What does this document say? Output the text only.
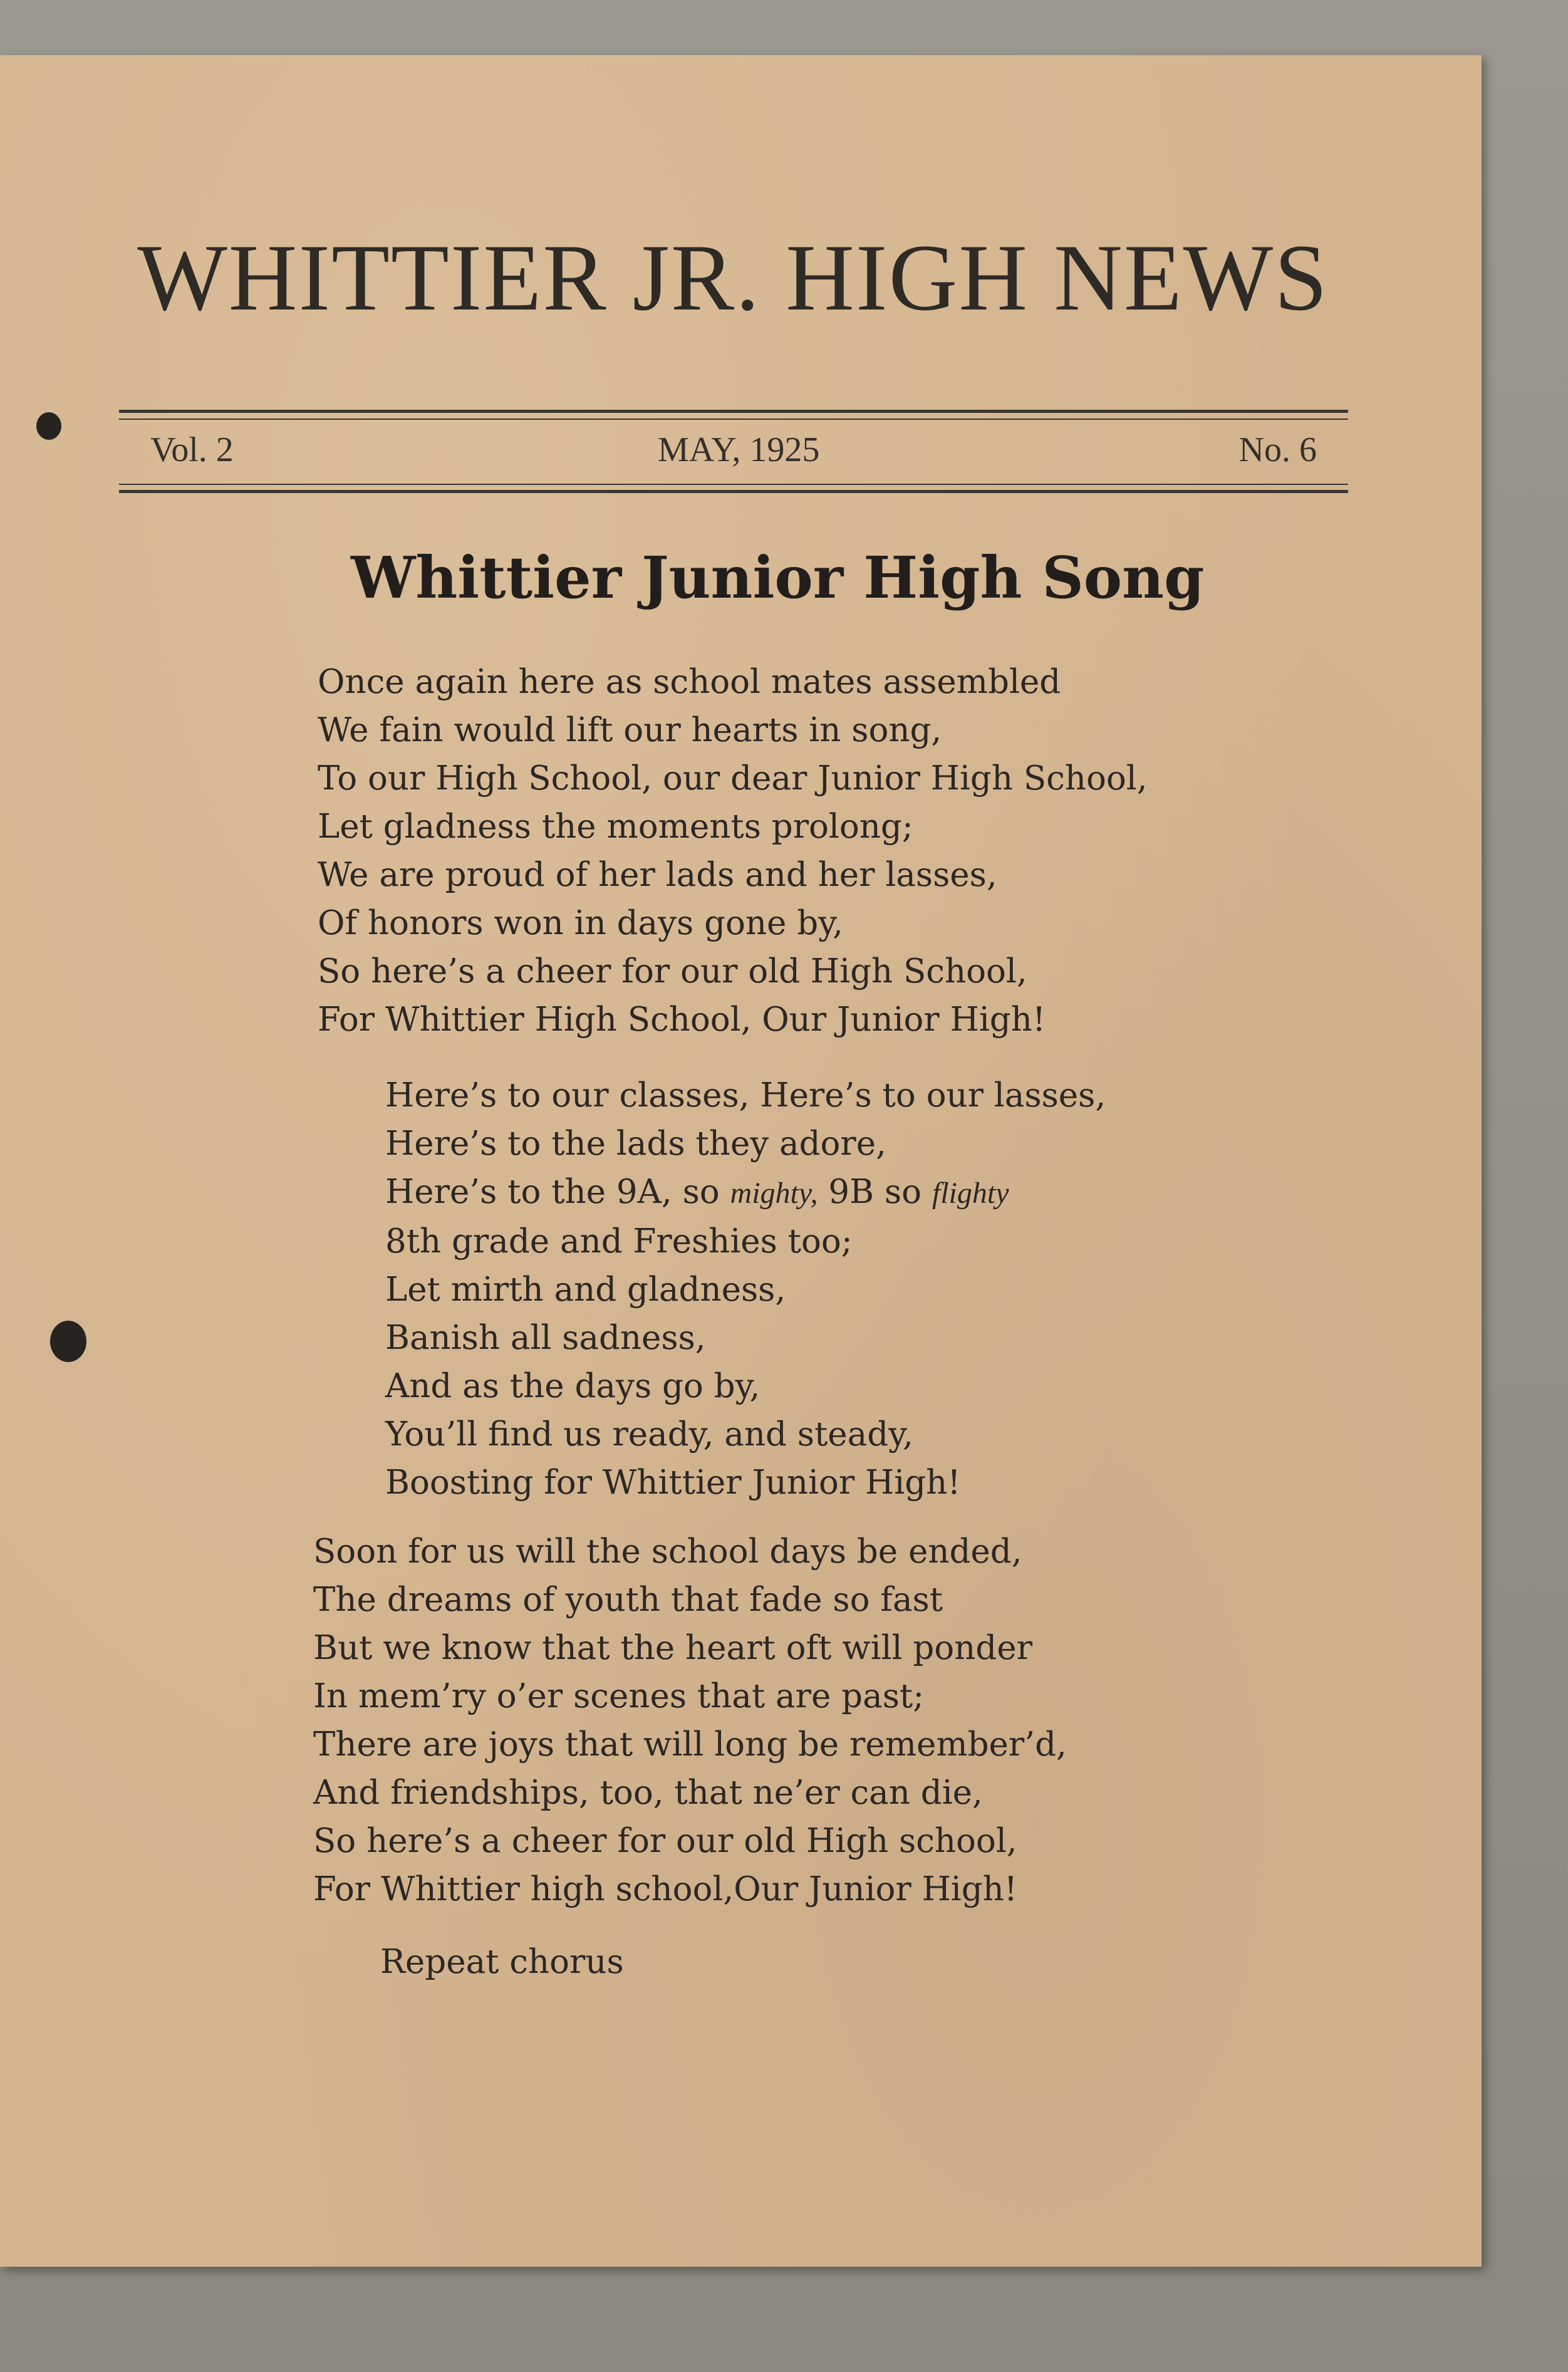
WHITTIER JR. HIGH NEWS
Vol. 2	MAY, 1925	No. 6
Whittier Junior High Song
Once again here as school mates assembled
We fain would lift our hearts in song,
To our High School, our dear Junior High School,
Let gladness the moments prolong;
We are proud of her lads and her lasses,
Of honors won in days gone by,
So here’s a cheer for our old High School,
For Whittier High School, Our Junior High!
Here’s to our classes, Here’s to our lasses,
Here’s to the lads they adore,
Here’s to the 9A, so mighty, 9B so flighty
8th grade and Freshies too;
Let mirth and gladness,
Banish all sadness,
And as the days go by,
You’ll find us ready, and steady,
Boosting for Whittier Junior High!
Soon for us will the school days be ended,
The dreams of youth that fade so fast
But we know that the heart oft will ponder
In mem’ry o’er scenes that are past;
There are joys that will long be remember’d,
And friendships, too, that ne’er can die,
So here’s a cheer for our old High school,
For Whittier high school,Our Junior High!
Repeat chorus
